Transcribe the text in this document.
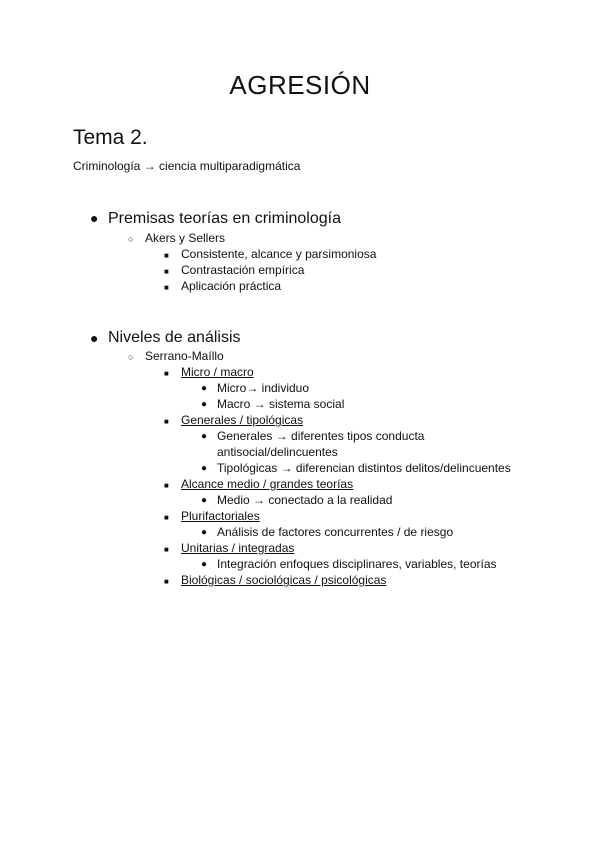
AGRESIÓN
Tema 2.
Criminología → ciencia multiparadigmática
● Premisas teorías en criminología
○ Akers y Sellers
■ Consistente, alcance y parsimoniosa
■ Contrastación empírica
■ Aplicación práctica
● Niveles de análisis
○ Serrano-Maíllo
■ Micro / macro
● Micro→ individuo
● Macro → sistema social
■ Generales / tipológicas
● Generales → diferentes tipos conducta
antisocial/delincuentes
● Tipológicas → diferencian distintos delitos/delincuentes
■ Alcance medio / grandes teorías
● Medio → conectado a la realidad
■ Plurifactoriales
● Análisis de factores concurrentes / de riesgo
■ Unitarias / integradas
● Integración enfoques disciplinares, variables, teorías
■ Biológicas / sociológicas / psicológicas
